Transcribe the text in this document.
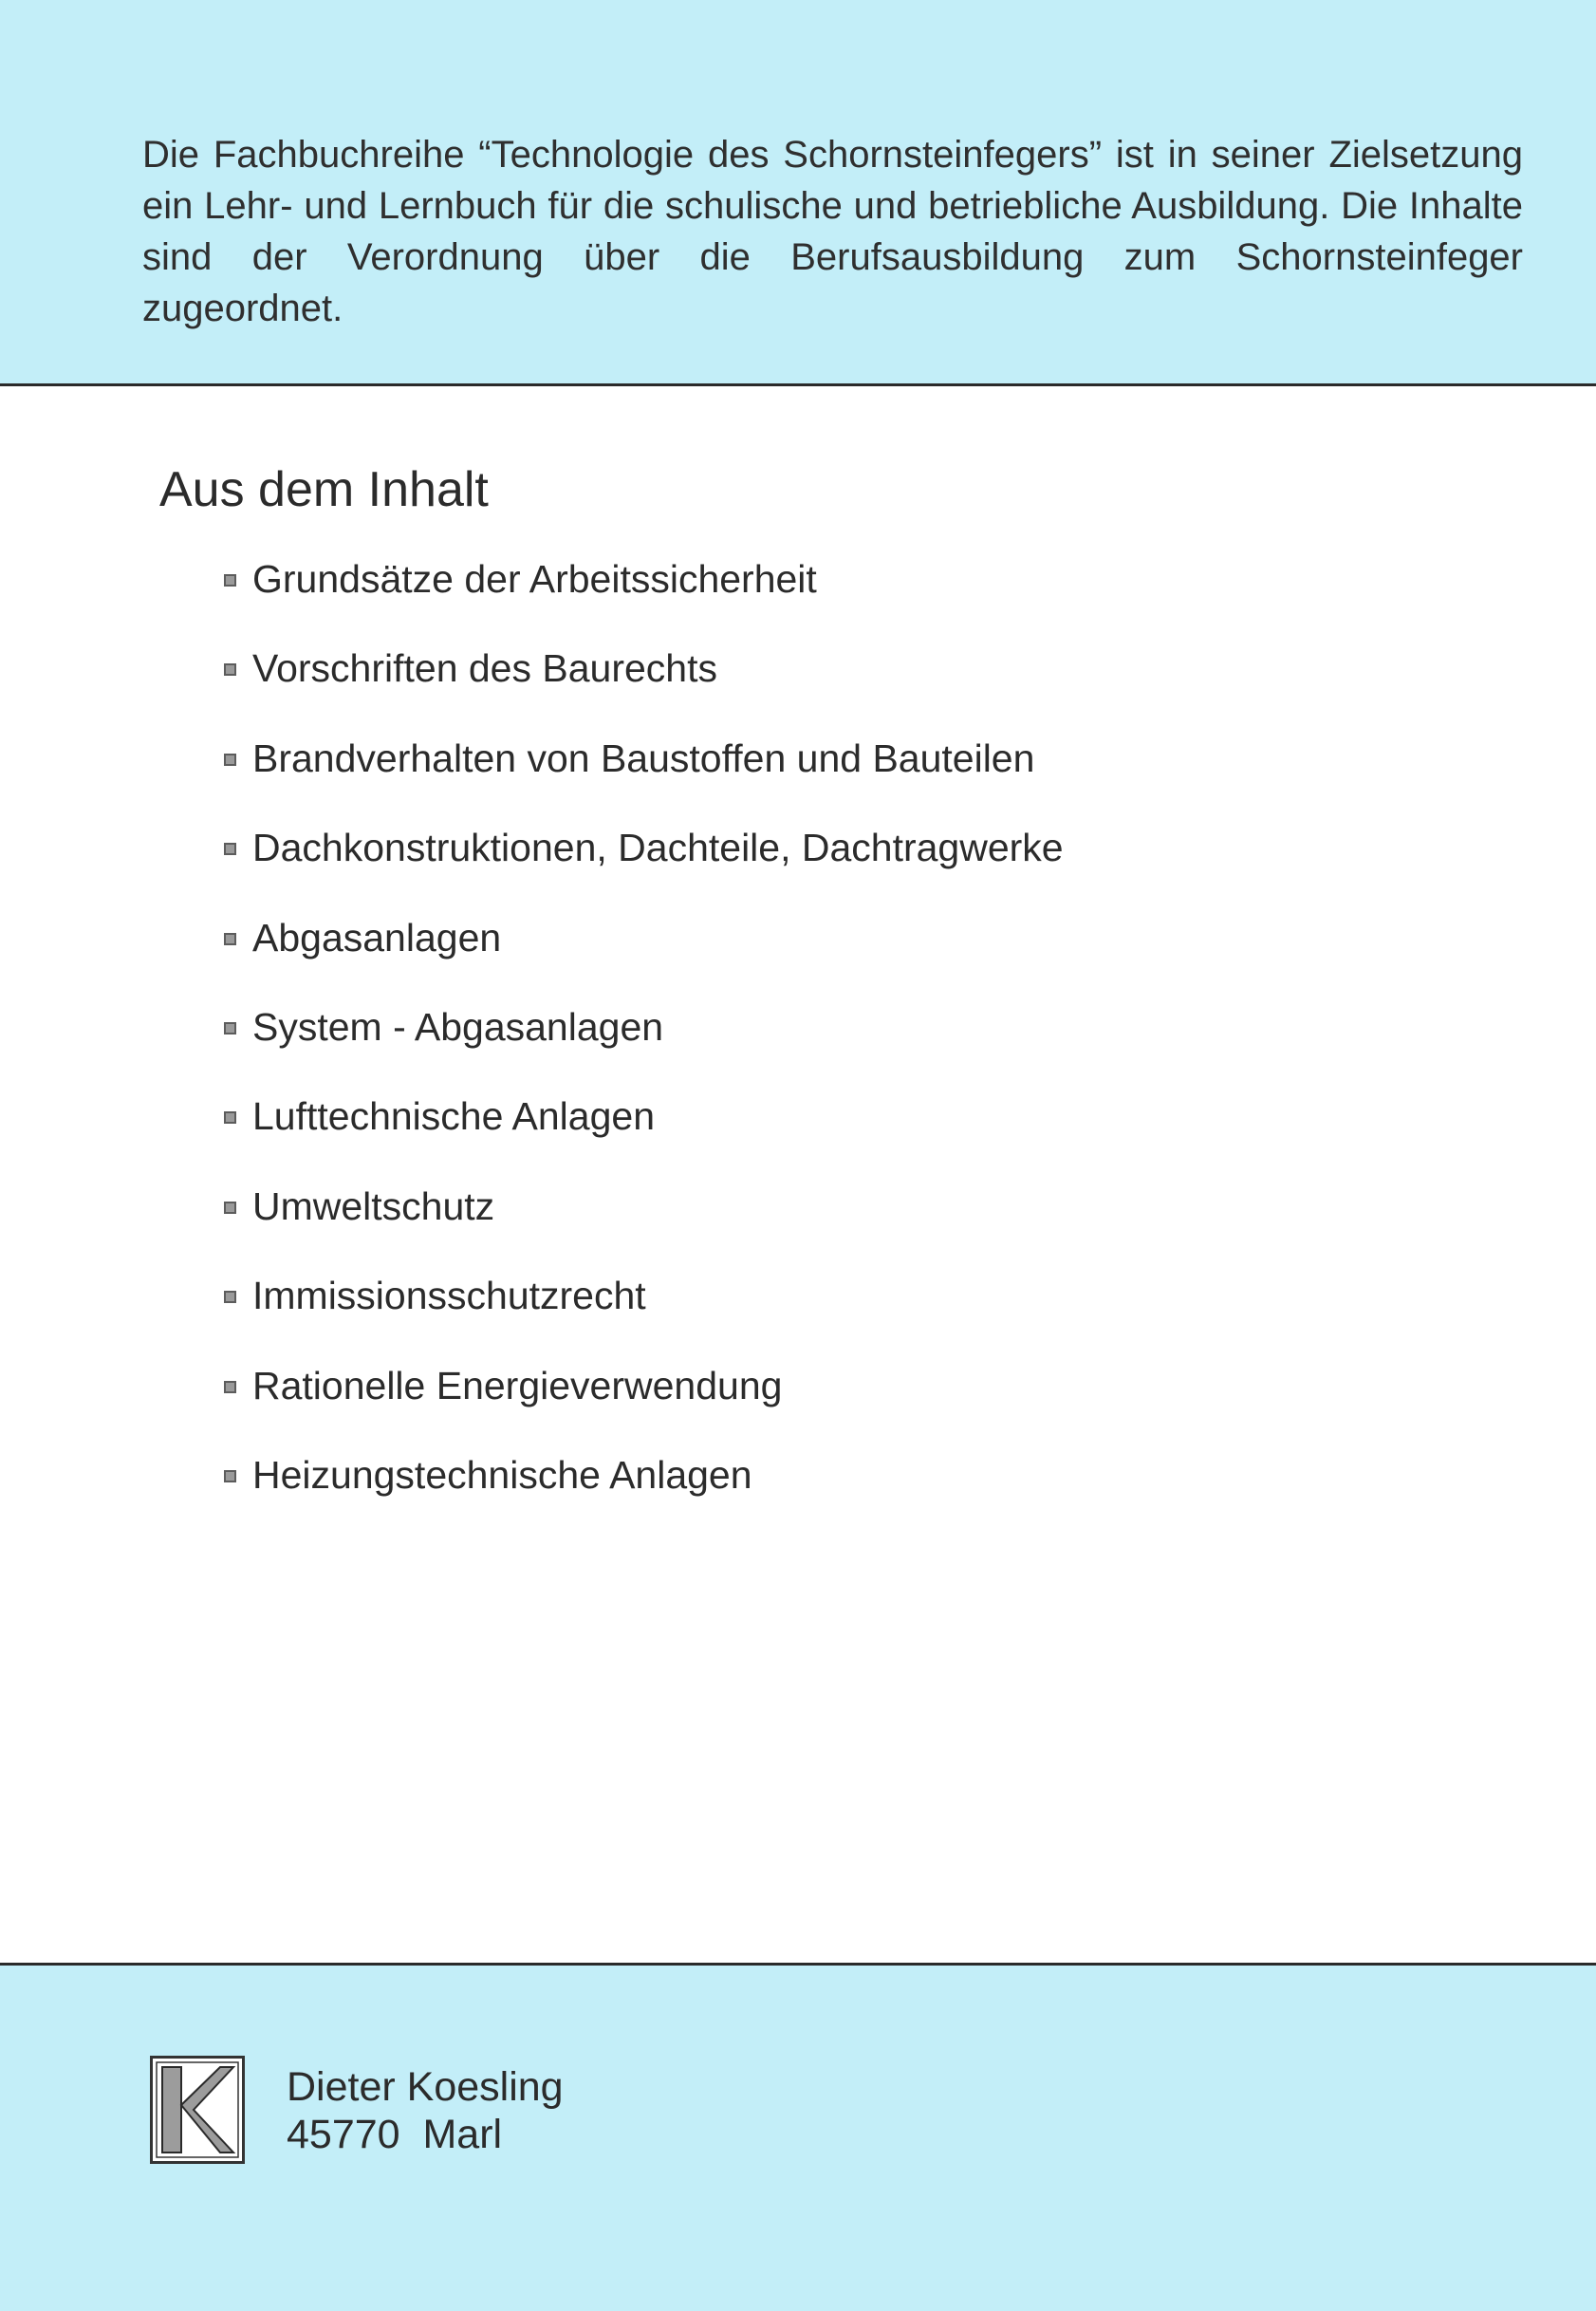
Die Fachbuchreihe “Technologie des Schornsteinfegers” ist in seiner Zielsetzung ein Lehr- und Lernbuch für die schulische und betriebliche Ausbildung. Die Inhalte sind der Verordnung über die Berufsausbildung zum Schornsteinfeger zugeordnet.

Aus dem Inhalt
Grundsätze der Arbeitssicherheit
Vorschriften des Baurechts
Brandverhalten von Baustoffen und Bauteilen
Dachkonstruktionen, Dachteile, Dachtragwerke
Abgasanlagen
System - Abgasanlagen
Lufttechnische Anlagen
Umweltschutz
Immissionsschutzrecht
Rationelle Energieverwendung
Heizungstechnische Anlagen
Dieter Koesling
45770  Marl
